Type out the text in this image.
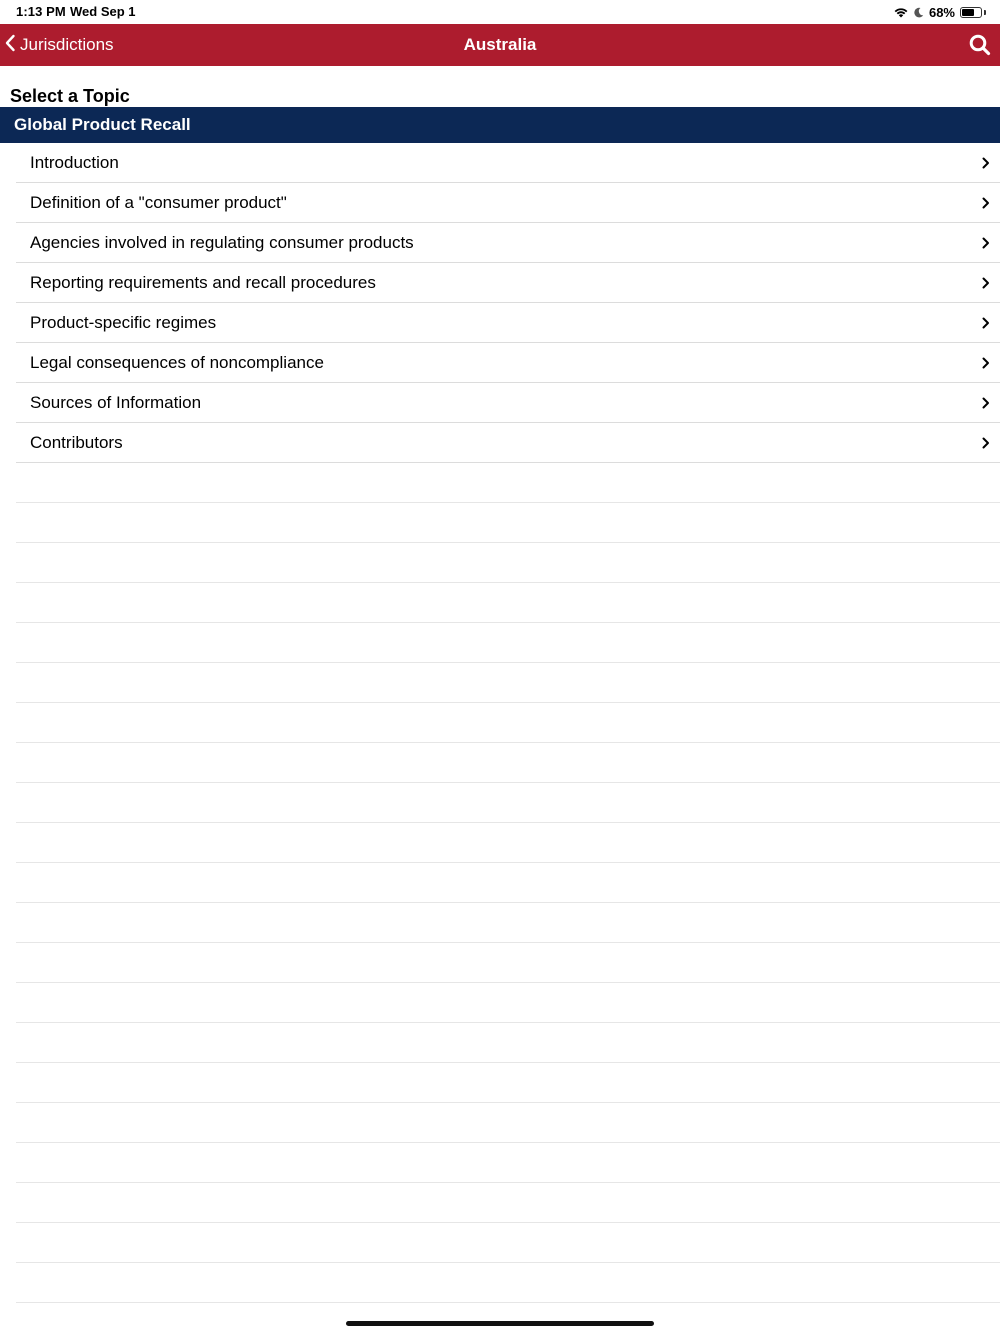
1:13 PM Wed Sep 1	68%
Jurisdictions	Australia
Select a Topic
Global Product Recall
Introduction
Definition of a "consumer product"
Agencies involved in regulating consumer products
Reporting requirements and recall procedures
Product-specific regimes
Legal consequences of noncompliance
Sources of Information
Contributors
